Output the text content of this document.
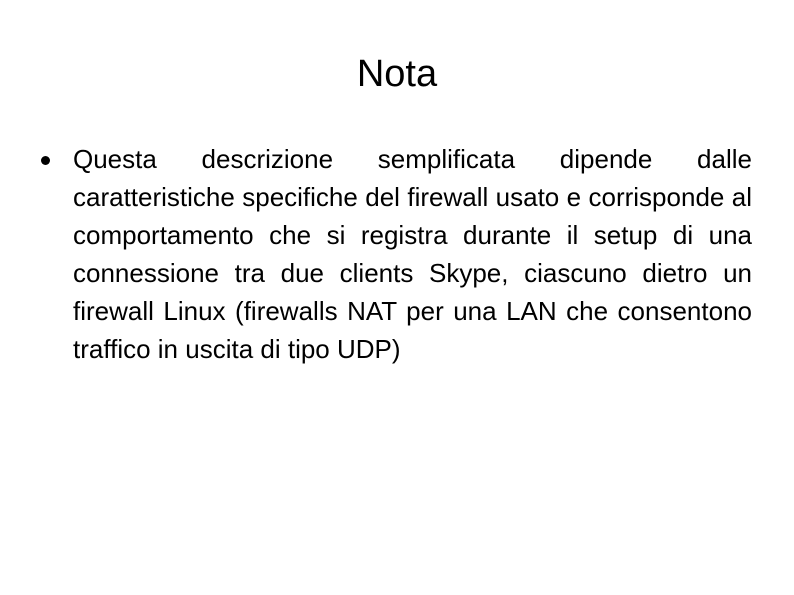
Nota
Questa descrizione semplificata dipende dalle caratteristiche specifiche del firewall usato e corrisponde al comportamento che si registra durante il setup di una connessione tra due clients Skype, ciascuno dietro un firewall Linux (firewalls NAT per una LAN che consentono traffico in uscita di tipo UDP)
